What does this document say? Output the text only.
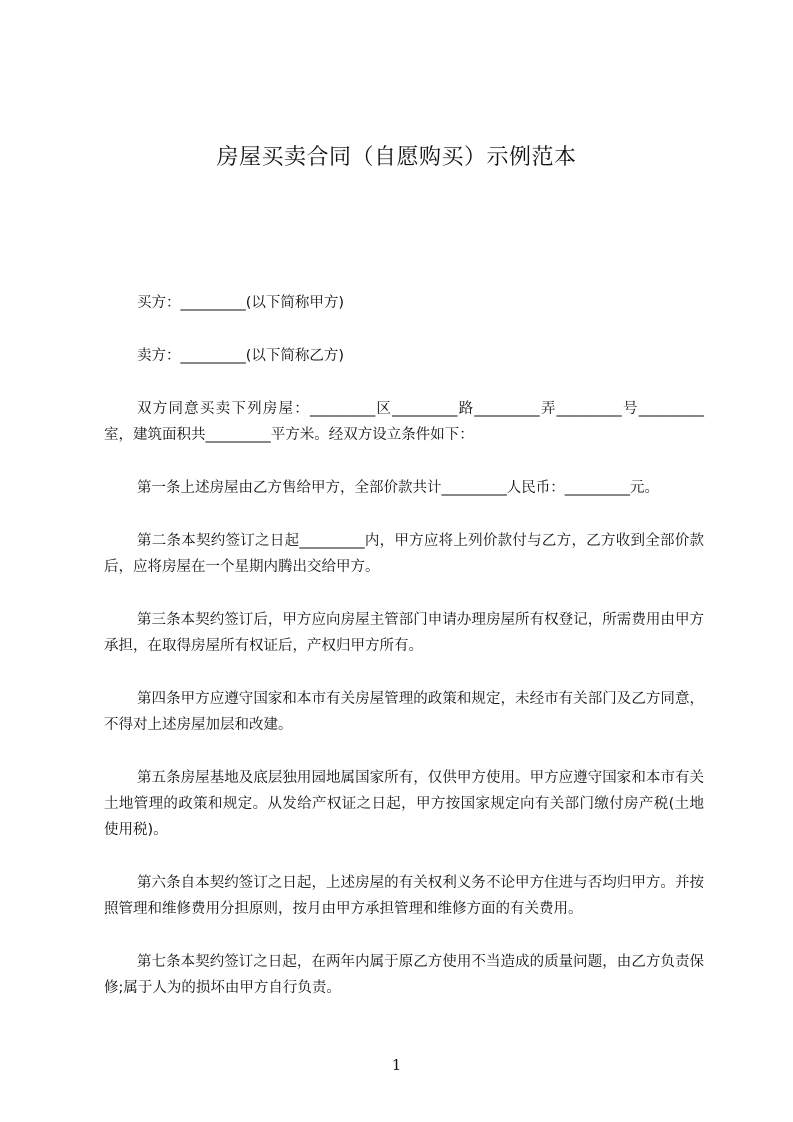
房屋买卖合同（自愿购买）示例范本

买方：_________(以下简称甲方)

卖方：_________(以下简称乙方)

双方同意买卖下列房屋：_________区_________路_________弄_________号_________室，建筑面积共_________平方米。经双方设立条件如下：

第一条上述房屋由乙方售给甲方，全部价款共计_________人民币：_________元。

第二条本契约签订之日起_________内，甲方应将上列价款付与乙方，乙方收到全部价款后，应将房屋在一个星期内腾出交给甲方。

第三条本契约签订后，甲方应向房屋主管部门申请办理房屋所有权登记，所需费用由甲方承担，在取得房屋所有权证后，产权归甲方所有。

第四条甲方应遵守国家和本市有关房屋管理的政策和规定，未经市有关部门及乙方同意，不得对上述房屋加层和改建。

第五条房屋基地及底层独用园地属国家所有，仅供甲方使用。甲方应遵守国家和本市有关土地管理的政策和规定。从发给产权证之日起，甲方按国家规定向有关部门缴付房产税(土地使用税)。

第六条自本契约签订之日起，上述房屋的有关权利义务不论甲方住进与否均归甲方。并按照管理和维修费用分担原则，按月由甲方承担管理和维修方面的有关费用。

第七条本契约签订之日起，在两年内属于原乙方使用不当造成的质量问题，由乙方负责保修;属于人为的损坏由甲方自行负责。

1
